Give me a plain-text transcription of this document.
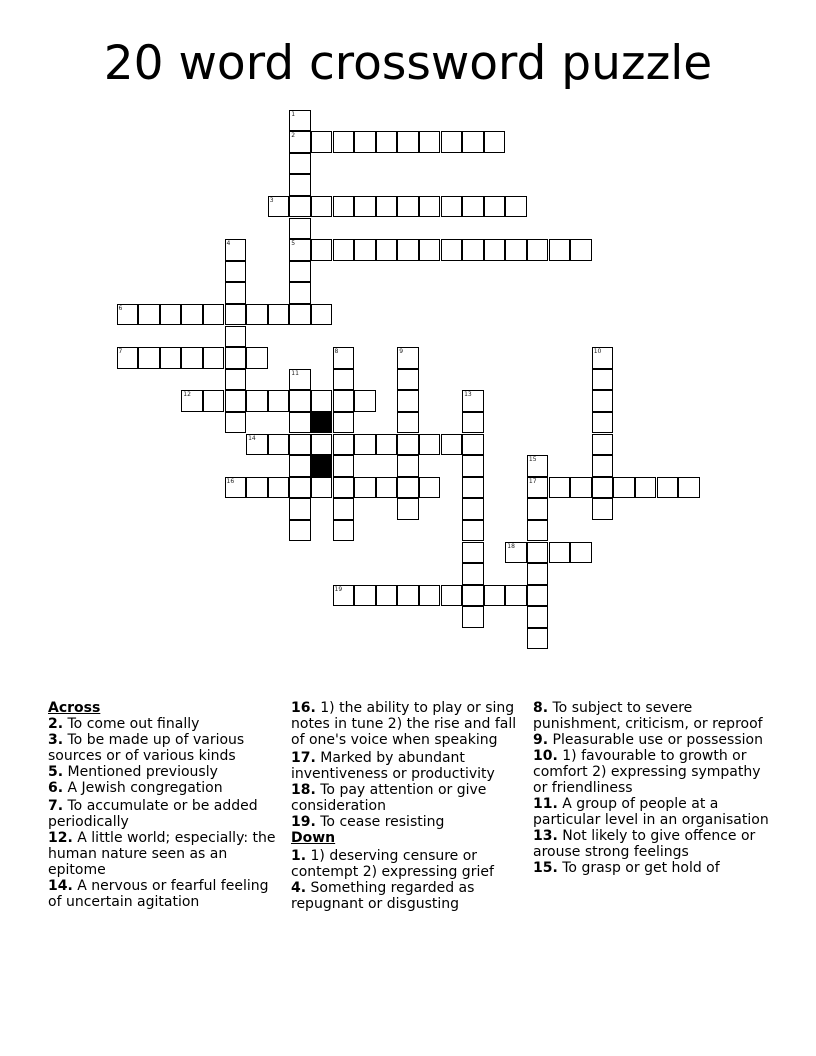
20 word crossword puzzle
2
3
5
6
7
12
14
16	17
18
19
1
4
8	9	10
11
13
15
Across
2. To come out finally
3. To be made up of various sources or of various kinds
5. Mentioned previously
6. A Jewish congregation
7. To accumulate or be added periodically
12. A little world; especially: the human nature seen as an epitome
14. A nervous or fearful feeling of uncertain agitation
16. 1) the ability to play or sing notes in tune 2) the rise and fall of one's voice when speaking
17. Marked by abundant inventiveness or productivity
18. To pay attention or give consideration
19. To cease resisting
Down
1. 1) deserving censure or contempt 2) expressing grief
4. Something regarded as repugnant or disgusting
8. To subject to severe punishment, criticism, or reproof
9. Pleasurable use or possession
10. 1) favourable to growth or comfort 2) expressing sympathy or friendliness
11. A group of people at a particular level in an organisation
13. Not likely to give offence or arouse strong feelings
15. To grasp or get hold of
